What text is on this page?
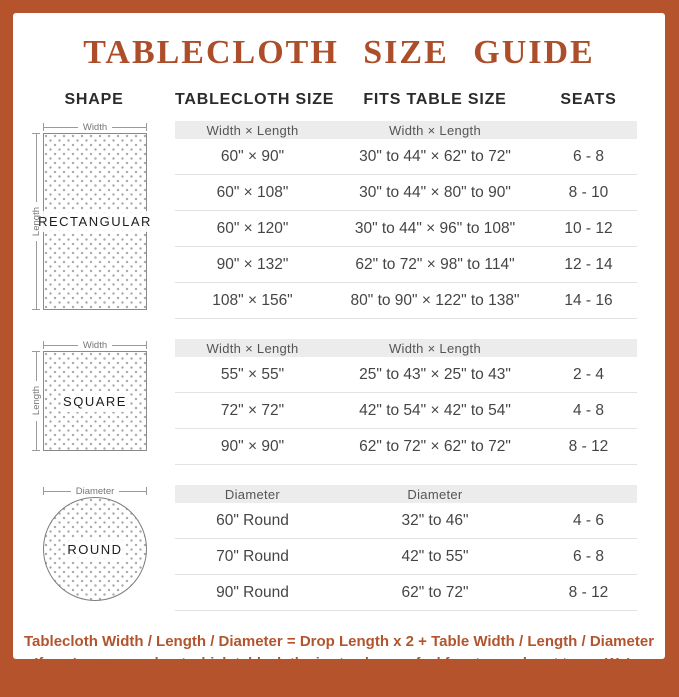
TABLECLOTH SIZE GUIDE
SHAPE	TABLECLOTH SIZE	FITS TABLE SIZE	SEATS
Width
Length
RECTANGULAR
Width × Length	Width × Length
60" × 90"	30" to 44" × 62" to 72"	6 - 8
60" × 108"	30" to 44" × 80" to 90"	8 - 10
60" × 120"	30" to 44" × 96" to 108"	10 - 12
90" × 132"	62" to 72" × 98" to 114"	12 - 14
108" × 156"	80" to 90" × 122" to 138"	14 - 16
Width
Length SQUARE
Width × Length	Width × Length
55" × 55"	25" to 43" × 25" to 43"	2 - 4
72" × 72"	42" to 54" × 42" to 54"	4 - 8
90" × 90"	62" to 72" × 62" to 72"	8 - 12
Diameter
ROUND
Diameter	Diameter
60" Round	32" to 46"	4 - 6
70" Round	42" to 55"	6 - 8
90" Round	62" to 72"	8 - 12
Tablecloth Width / Length / Diameter = Drop Length x 2 + Table Width / Length / Diameter
If you're unsure about which tablecloth size to choose, feel free to reach out to us. We're happy to help!
